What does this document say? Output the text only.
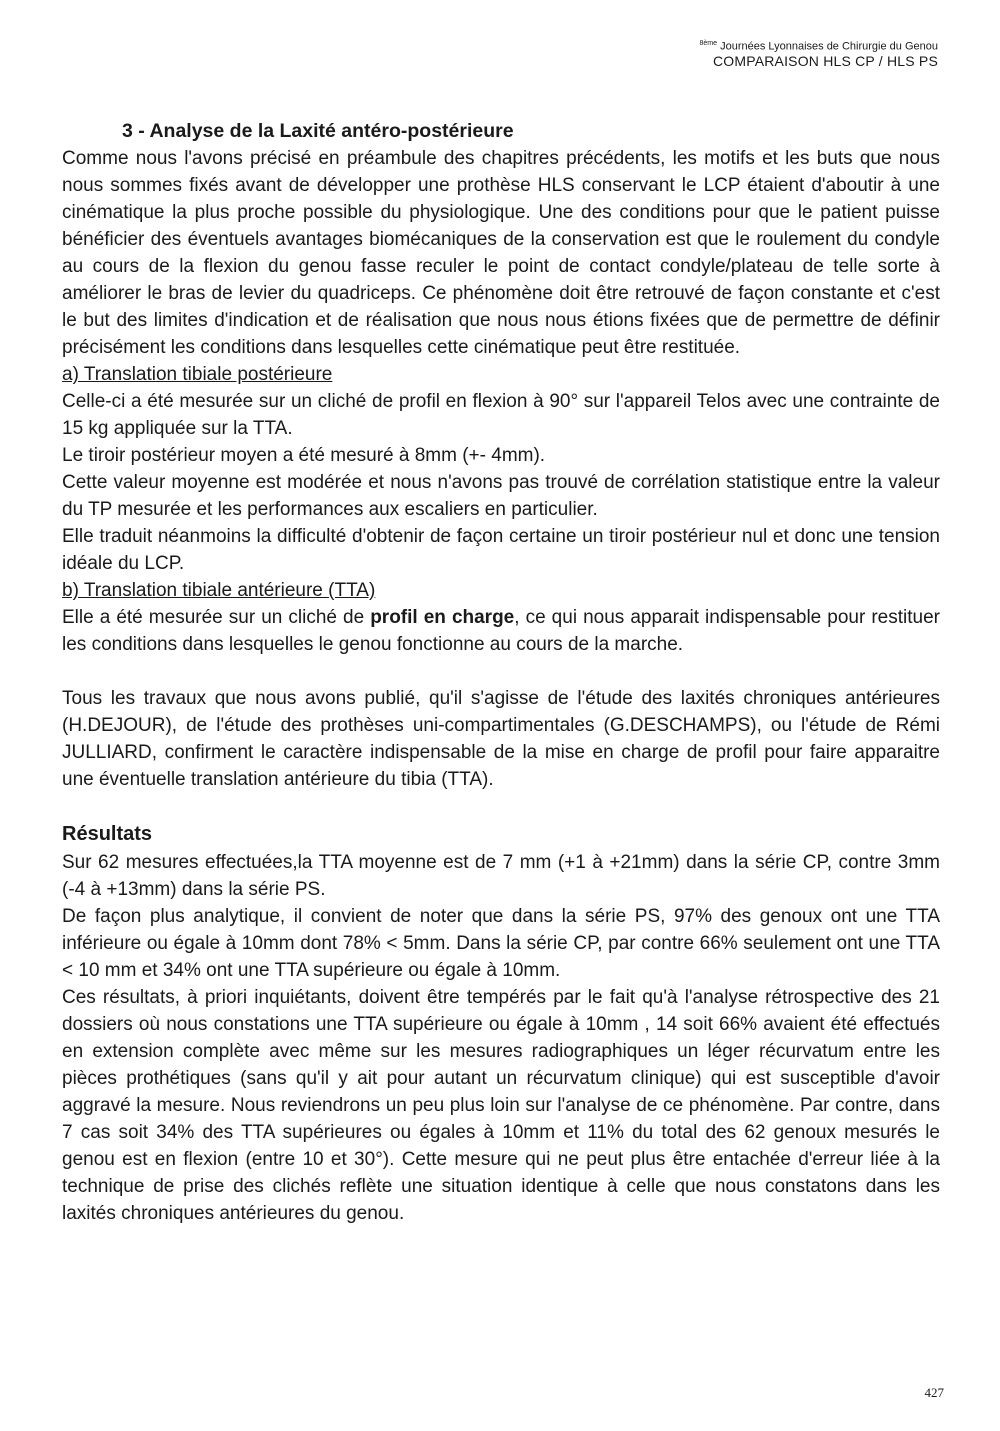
$^{8ème}$ Journées Lyonnaises de Chirurgie du Genou
COMPARAISON HLS CP / HLS PS
3 - Analyse de la Laxité antéro-postérieure

Comme nous l'avons précisé en préambule des chapitres précédents, les motifs et les buts que nous nous sommes fixés avant de développer une prothèse HLS conservant le LCP étaient d'aboutir à une cinématique la plus proche possible du physiologique. Une des conditions pour que le patient puisse bénéficier des éventuels avantages biomécaniques de la conservation est que le roulement du condyle au cours de la flexion du genou fasse reculer le point de contact condyle/plateau de telle sorte à améliorer le bras de levier du quadriceps. Ce phénomène doit être retrouvé de façon constante et c'est le but des limites d'indication et de réalisation que nous nous étions fixées que de permettre de définir précisément les conditions dans lesquelles cette cinématique peut être restituée.

a) Translation tibiale postérieure

Celle-ci a été mesurée sur un cliché de profil en flexion à 90° sur l'appareil Telos avec une contrainte de 15 kg appliquée sur la TTA.

Le tiroir postérieur moyen a été mesuré à 8mm (+- 4mm).

Cette valeur moyenne est modérée et nous n'avons pas trouvé de corrélation statistique entre la valeur du TP mesurée et les performances aux escaliers en particulier.

Elle traduit néanmoins la difficulté d'obtenir de façon certaine un tiroir postérieur nul et donc une tension idéale du LCP.

b) Translation tibiale antérieure (TTA)

Elle a été mesurée sur un cliché de profil en charge, ce qui nous apparait indispensable pour restituer les conditions dans lesquelles le genou fonctionne au cours de la marche.

Tous les travaux que nous avons publié, qu'il s'agisse de l'étude des laxités chroniques antérieures (H.DEJOUR), de l'étude des prothèses uni-compartimentales (G.DESCHAMPS), ou l'étude de Rémi JULLIARD, confirment le caractère indispensable de la mise en charge de profil pour faire apparaitre une éventuelle translation antérieure du tibia (TTA).

Résultats

Sur 62 mesures effectuées,la TTA moyenne est de 7 mm (+1 à +21mm) dans la série CP, contre 3mm (-4 à +13mm) dans la série PS.

De façon plus analytique, il convient de noter que dans la série PS, 97% des genoux ont une TTA inférieure ou égale à 10mm dont 78% < 5mm. Dans la série CP, par contre 66% seulement ont une TTA < 10 mm et 34% ont une TTA supérieure ou égale à 10mm.

Ces résultats, à priori inquiétants, doivent être tempérés par le fait qu'à l'analyse rétrospective des 21 dossiers où nous constations une TTA supérieure ou égale à 10mm , 14 soit 66% avaient été effectués en extension complète avec même sur les mesures radiographiques un léger récurvatum entre les pièces prothétiques (sans qu'il y ait pour autant un récurvatum clinique) qui est susceptible d'avoir aggravé la mesure. Nous reviendrons un peu plus loin sur l'analyse de ce phénomène. Par contre, dans 7 cas soit 34% des TTA supérieures ou égales à 10mm et 11% du total des 62 genoux mesurés le genou est en flexion (entre 10 et 30°). Cette mesure qui ne peut plus être entachée d'erreur liée à la technique de prise des clichés reflète une situation identique à celle que nous constatons dans les laxités chroniques antérieures du genou.

427
